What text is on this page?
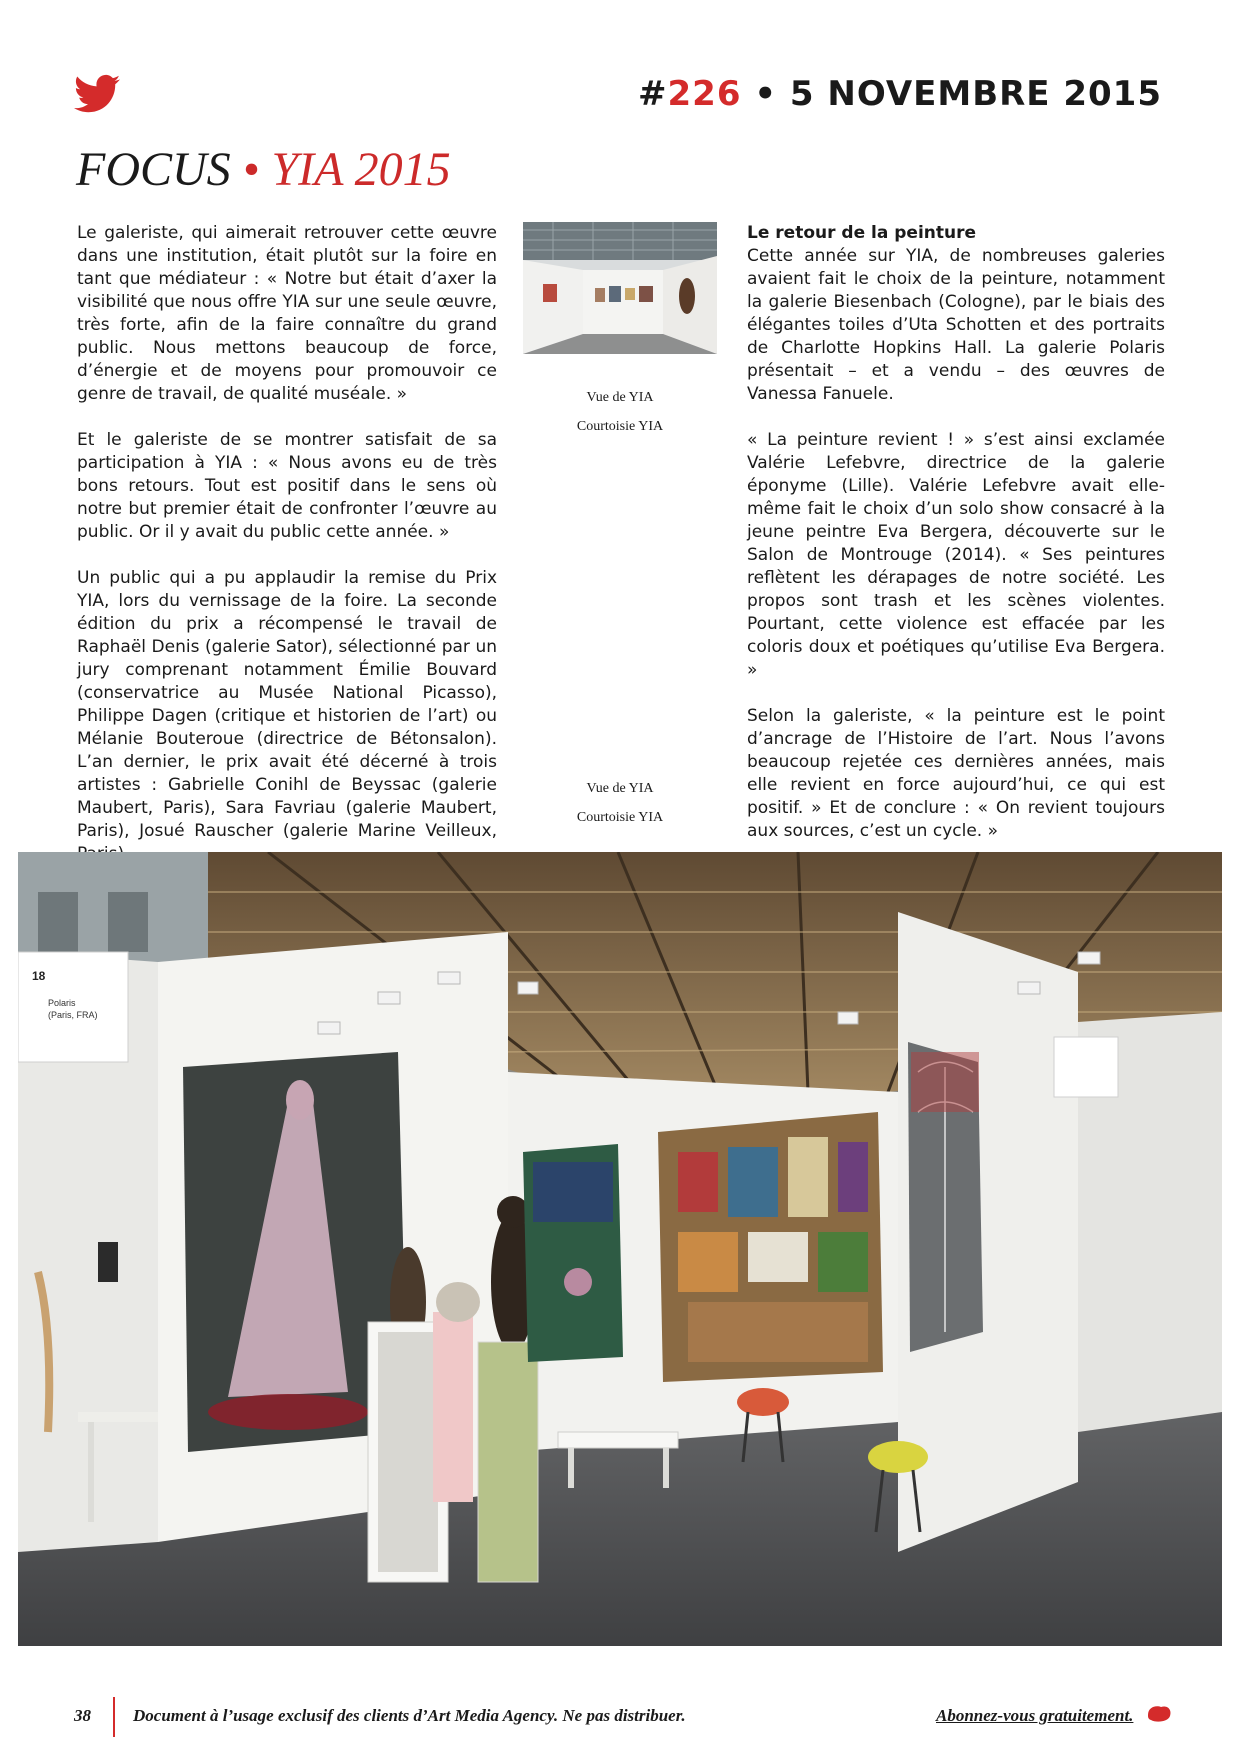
#226 • 5 NOVEMBRE 2015
FOCUS • YIA 2015

Le galeriste, qui aimerait retrouver cette œuvre dans une institution, était plutôt sur la foire en tant que médiateur : « Notre but était d’axer la visibilité que nous offre YIA sur une seule œuvre, très forte, afin de la faire connaître du grand public. Nous mettons beaucoup de force, d’énergie et de moyens pour promouvoir ce genre de travail, de qualité muséale. »

Et le galeriste de se montrer satisfait de sa participation à YIA : « Nous avons eu de très bons retours. Tout est positif dans le sens où notre but premier était de confronter l’œuvre au public. Or il y avait du public cette année. »

Un public qui a pu applaudir la remise du Prix YIA, lors du vernissage de la foire. La seconde édition du prix a récompensé le travail de Raphaël Denis (galerie Sator), sélectionné par un jury comprenant notamment Émilie Bouvard (conservatrice au Musée National Picasso), Philippe Dagen (critique et historien de l’art) ou Mélanie Bouteroue (directrice de Bétonsalon). L’an dernier, le prix avait été décerné à trois artistes : Gabrielle Conihl de Beyssac (galerie Maubert, Paris), Sara Favriau (galerie Maubert, Paris), Josué Rauscher (galerie Marine Veilleux,

Vue de YIA
Courtoisie YIA
Vue de YIA
Courtoisie YIA
Le retour de la peinture

Cette année sur YIA, de nombreuses galeries avaient fait le choix de la peinture, notamment la galerie Biesenbach (Cologne), par le biais des élégantes toiles d’Uta Schotten et des portraits de Charlotte Hopkins Hall. La galerie Polaris présentait – et a vendu – des œuvres de Vanessa Fanuele.

« La peinture revient ! » s’est ainsi exclamée Valérie Lefebvre, directrice de la galerie éponyme (Lille). Valérie Lefebvre avait elle-même fait le choix d’un solo show consacré à la jeune peintre Eva Bergera, découverte sur le Salon de Montrouge (2014). « Ses peintures reflètent les dérapages de notre société. Les propos sont trash et les scènes violentes. Pourtant, cette violence est effacée par les coloris doux et poétiques qu’utilise Eva Bergera. »

Selon la galeriste, « la peinture est le point d’ancrage de l’Histoire de l’art. Nous l’avons beaucoup rejetée ces dernières années, mais elle revient en force aujourd’hui, ce qui est positif. » Et de conclure : « On revient toujours aux sources, c’est un cycle. »

18
Polaris
(Paris, FRA)
38 Document à l’usage exclusif des clients d’Art Media Agency. Ne pas distribuer.	Abonnez-vous gratuitement.
